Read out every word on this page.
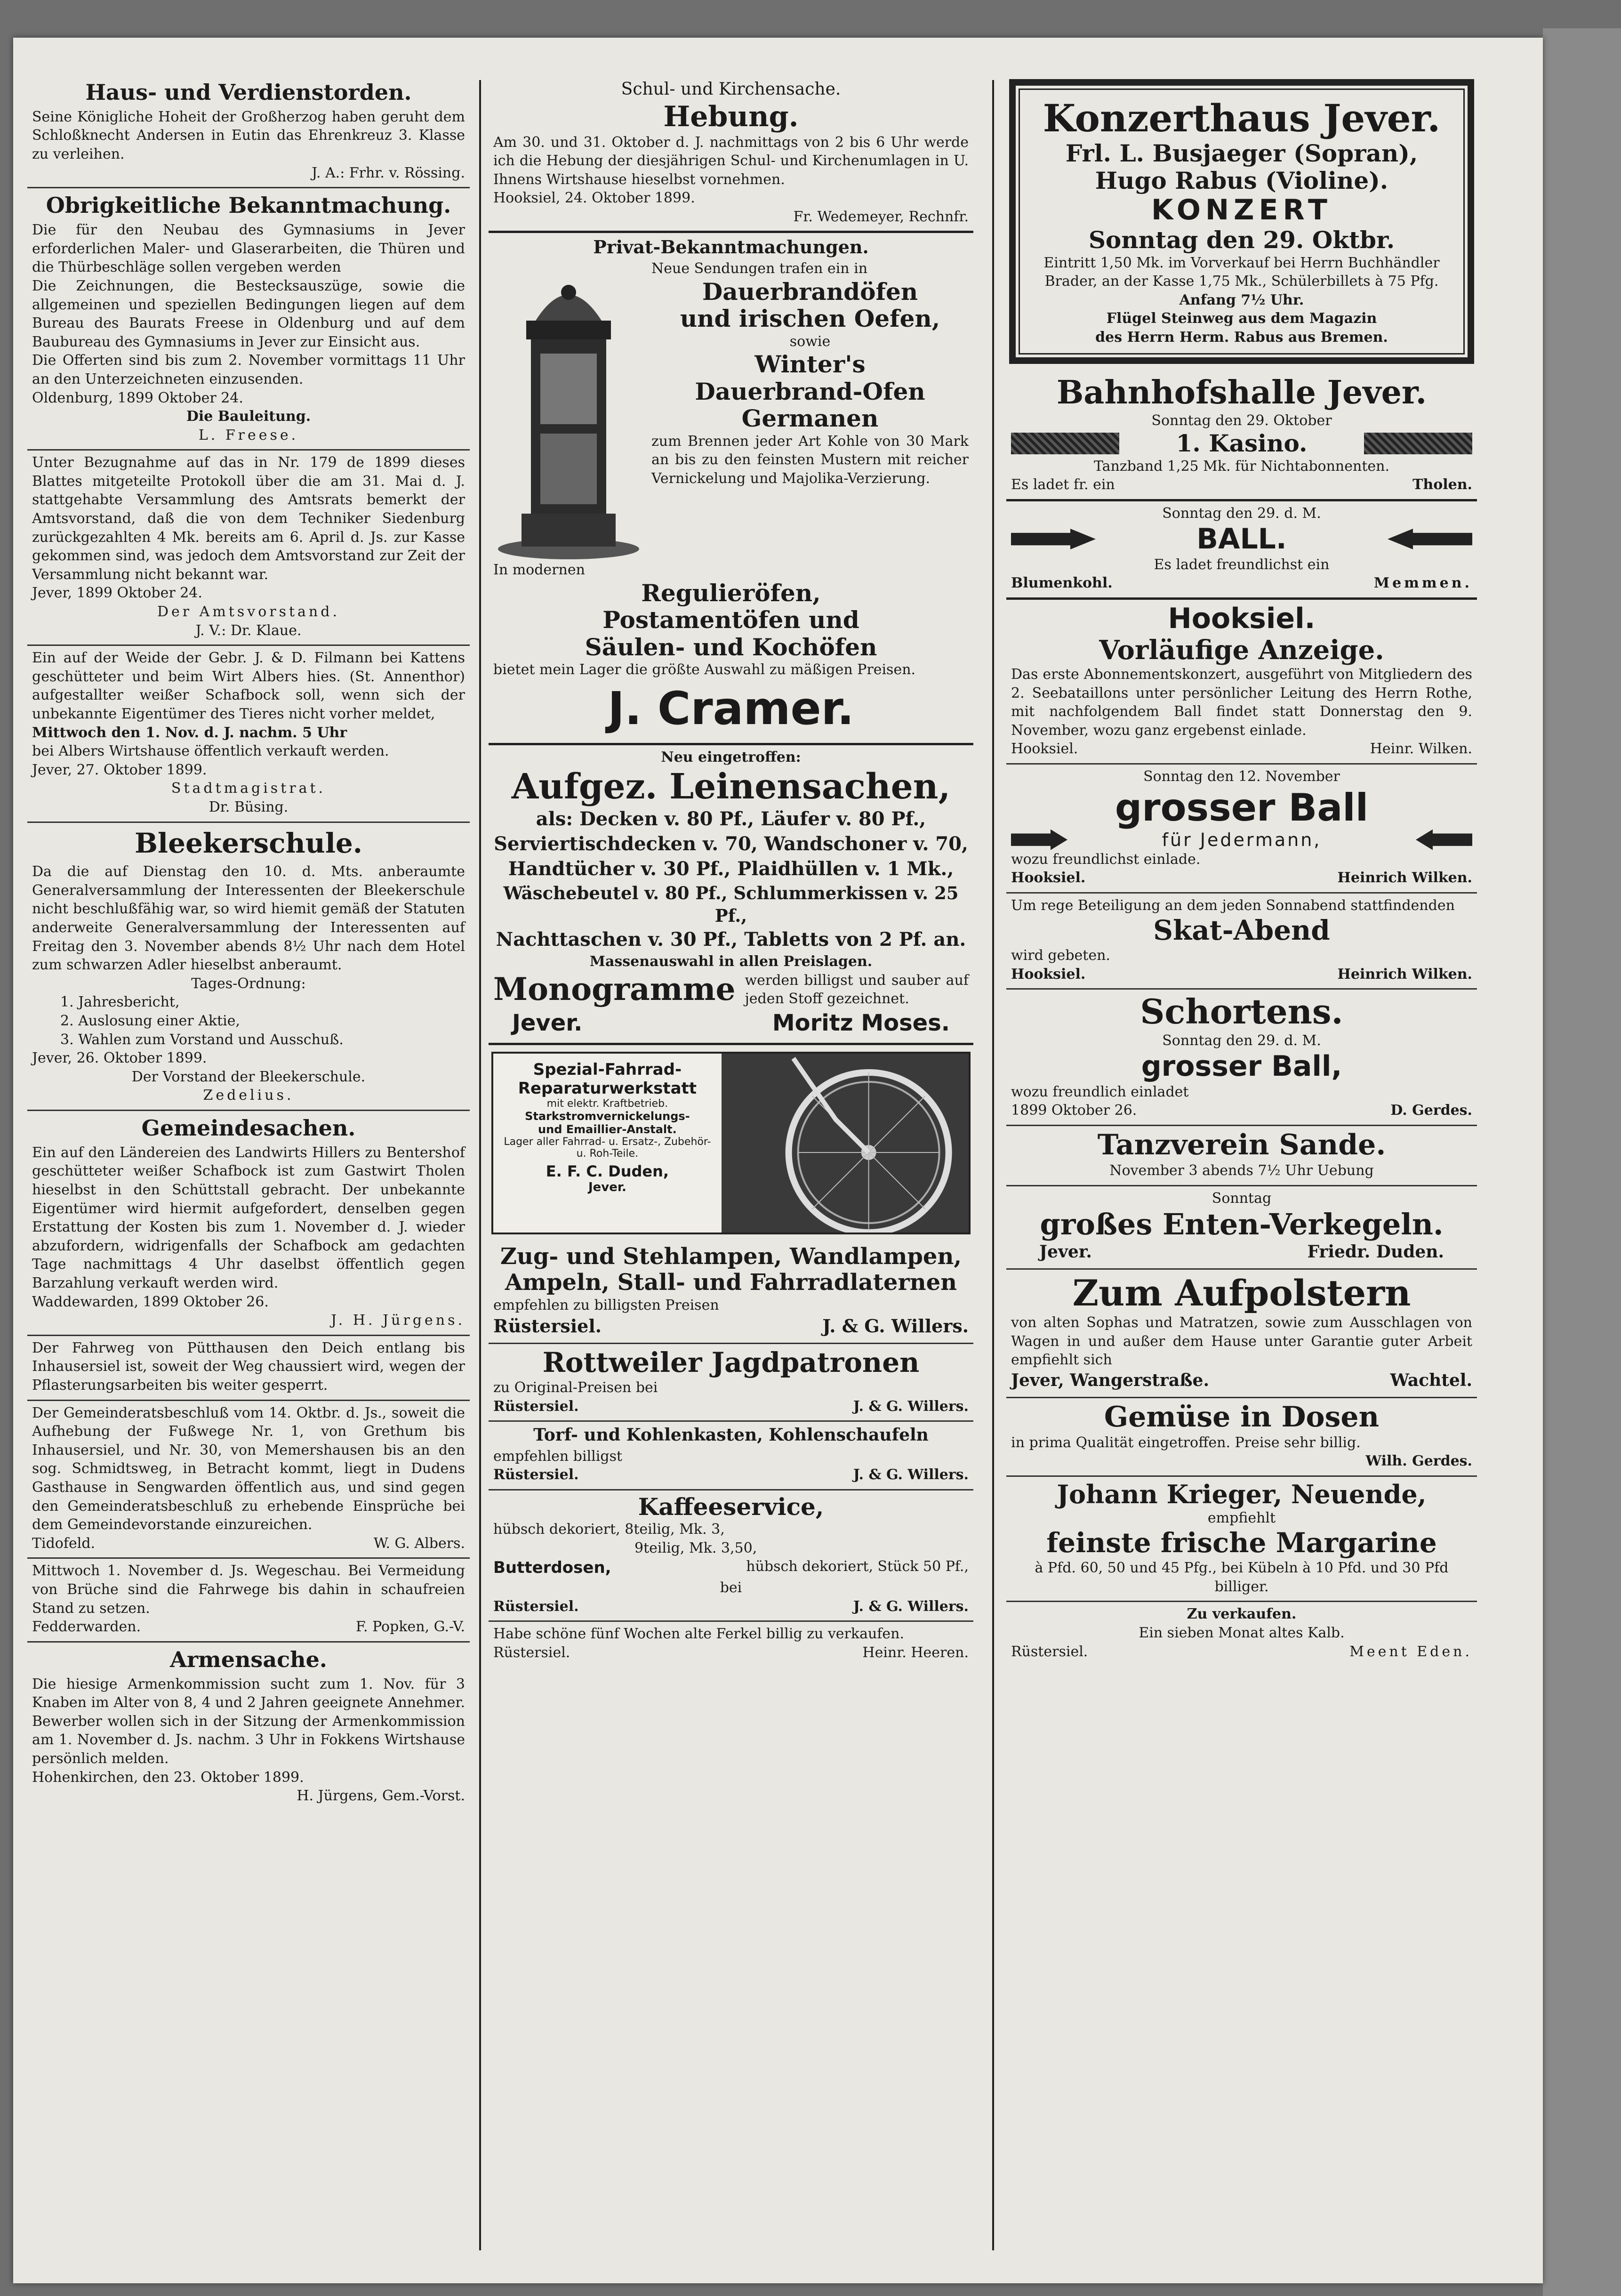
Haus- und Verdienstorden.

Seine Königliche Hoheit der Großherzog haben geruht dem Schloßknecht Andersen in Eutin das Ehrenkreuz 3. Klasse zu verleihen.

J. A.: Frhr. v. Rössing.

Obrigkeitliche Bekanntmachung.

Die für den Neubau des Gymnasiums in Jever erforderlichen Maler- und Glaserarbeiten, die Thüren und die Thürbeschläge sollen vergeben werden

Die Zeichnungen, die Bestecksauszüge, sowie die allgemeinen und speziellen Bedingungen liegen auf dem Bureau des Baurats Freese in Oldenburg und auf dem Baubureau des Gymnasiums in Jever zur Einsicht aus.

Die Offerten sind bis zum 2. November vormittags 11 Uhr an den Unterzeichneten einzusenden.

Oldenburg, 1899 Oktober 24.

Die Bauleitung.

L. Freese.

Unter Bezugnahme auf das in Nr. 179 de 1899 dieses Blattes mitgeteilte Protokoll über die am 31. Mai d. J. stattgehabte Versammlung des Amtsrats bemerkt der Amtsvorstand, daß die von dem Techniker Siedenburg zurückgezahlten 4 Mk. bereits am 6. April d. Js. zur Kasse gekommen sind, was jedoch dem Amtsvorstand zur Zeit der Versammlung nicht bekannt war.

Jever, 1899 Oktober 24.

Der Amtsvorstand.

J. V.: Dr. Klaue.

Ein auf der Weide der Gebr. J. & D. Filmann bei Kattens geschütteter und beim Wirt Albers hies. (St. Annenthor) aufgestallter weißer Schafbock soll, wenn sich der unbekannte Eigentümer des Tieres nicht vorher meldet,

Mittwoch den 1. Nov. d. J. nachm. 5 Uhr

bei Albers Wirtshause öffentlich verkauft werden.

Jever, 27. Oktober 1899.

Stadtmagistrat.

Dr. Büsing.

Bleekerschule.

Da die auf Dienstag den 10. d. Mts. anberaumte Generalversammlung der Interessenten der Bleekerschule nicht beschlußfähig war, so wird hiemit gemäß der Statuten anderweite Generalversammlung der Interessenten auf Freitag den 3. November abends 8½ Uhr nach dem Hotel zum schwarzen Adler hieselbst anberaumt.

Tages-Ordnung:

1. Jahresbericht,

2. Auslosung einer Aktie,

3. Wahlen zum Vorstand und Ausschuß.

Jever, 26. Oktober 1899.

Der Vorstand der Bleekerschule.

Zedelius.

Gemeindesachen.

Ein auf den Ländereien des Landwirts Hillers zu Bentershof geschütteter weißer Schafbock ist zum Gastwirt Tholen hieselbst in den Schüttstall gebracht. Der unbekannte Eigentümer wird hiermit aufgefordert, denselben gegen Erstattung der Kosten bis zum 1. November d. J. wieder abzufordern, widrigenfalls der Schafbock am gedachten Tage nachmittags 4 Uhr daselbst öffentlich gegen Barzahlung verkauft werden wird.

Waddewarden, 1899 Oktober 26.

J. H. Jürgens.

Der Fahrweg von Pütthausen den Deich entlang bis Inhausersiel ist, soweit der Weg chaussiert wird, wegen der Pflasterungsarbeiten bis weiter gesperrt.

Der Gemeinderatsbeschluß vom 14. Oktbr. d. Js., soweit die Aufhebung der Fußwege Nr. 1, von Grethum bis Inhausersiel, und Nr. 30, von Memershausen bis an den sog. Schmidtsweg, in Betracht kommt, liegt in Dudens Gasthause in Sengwarden öffentlich aus, und sind gegen den Gemeinderatsbeschluß zu erhebende Einsprüche bei dem Gemeindevorstande einzureichen.

Tidofeld.	W. G. Albers.

Mittwoch 1. November d. Js. Wegeschau. Bei Vermeidung von Brüche sind die Fahrwege bis dahin in schaufreien Stand zu setzen.

Fedderwarden.	F. Popken, G.-V.
Armensache.

Die hiesige Armenkommission sucht zum 1. Nov. für 3 Knaben im Alter von 8, 4 und 2 Jahren geeignete Annehmer. Bewerber wollen sich in der Sitzung der Armenkommission am 1. November d. Js. nachm. 3 Uhr in Fokkens Wirtshause persönlich melden.

Hohenkirchen, den 23. Oktober 1899.

H. Jürgens, Gem.-Vorst.

Schul- und Kirchensache.

Hebung.

Am 30. und 31. Oktober d. J. nachmittags von 2 bis 6 Uhr werde ich die Hebung der diesjährigen Schul- und Kirchenumlagen in U. Ihnens Wirtshause hieselbst vornehmen.

Hooksiel, 24. Oktober 1899.

Fr. Wedemeyer, Rechnfr.

Privat-Bekanntmachungen.

Neue Sendungen trafen ein in

Dauerbrandöfen
und irischen Oefen,

sowie

Winter's
Dauerbrand-Ofen
Germanen

zum Brennen jeder Art Kohle von 30 Mark an bis zu den feinsten Mustern mit reicher Vernickelung und Majolika-Verzierung.

In modernen

Regulieröfen,
Postamentöfen und
Säulen- und Kochöfen

bietet mein Lager die größte Auswahl zu mäßigen Preisen.

J. Cramer.

Neu eingetroffen:

Aufgez. Leinensachen,
als: Decken v. 80 Pf., Läufer v. 80 Pf.,
Serviertischdecken v. 70, Wandschoner v. 70,
Handtücher v. 30 Pf., Plaidhüllen v. 1 Mk.,
Wäschebeutel v. 80 Pf., Schlummerkissen v. 25 Pf.,
Nachttaschen v. 30 Pf., Tabletts von 2 Pf. an.

Massenauswahl in allen Preislagen.

Monogramme werden billigst und sauber auf jeden Stoff gezeichnet.
Jever.	Moritz Moses.
Spezial-Fahrrad-
Reparaturwerkstatt
mit elektr. Kraftbetrieb.
Starkstromvernickelungs-
und Emaillier-Anstalt.
Lager aller Fahrrad- u. Ersatz-, Zubehör- u. Roh-Teile.
E. F. C. Duden,
Jever.
Zug- und Stehlampen, Wandlampen,
Ampeln, Stall- und Fahrradlaternen

empfehlen zu billigsten Preisen

Rüstersiel.	J. & G. Willers.
Rottweiler Jagdpatronen

zu Original-Preisen bei

Rüstersiel.	J. & G. Willers.
Torf- und Kohlenkasten, Kohlenschaufeln

empfehlen billigst

Rüstersiel.	J. & G. Willers.
Kaffeeservice,

hübsch dekoriert, 8teilig, Mk. 3,

9teilig, Mk. 3,50,

Butterdosen,	hübsch dekoriert, Stück 50 Pf.,

bei

Rüstersiel.	J. & G. Willers.

Habe schöne fünf Wochen alte Ferkel billig zu verkaufen.

Rüstersiel.	Heinr. Heeren.
Konzerthaus Jever.
Frl. L. Busjaeger (Sopran),
Hugo Rabus (Violine).
KONZERT
Sonntag den 29. Oktbr.

Eintritt 1,50 Mk. im Vorverkauf bei Herrn Buchhändler Brader, an der Kasse 1,75 Mk., Schülerbillets à 75 Pfg.

Anfang 7½ Uhr.

Flügel Steinweg aus dem Magazin

des Herrn Herm. Rabus aus Bremen.

Bahnhofshalle Jever.

Sonntag den 29. Oktober

1. Kasino.

Tanzband 1,25 Mk. für Nichtabonnenten.

Es ladet fr. ein	Tholen.

Sonntag den 29. d. M.

BALL.

Es ladet freundlichst ein

Blumenkohl.	Memmen.
Hooksiel.
Vorläufige Anzeige.

Das erste Abonnementskonzert, ausgeführt von Mitgliedern des 2. Seebataillons unter persönlicher Leitung des Herrn Rothe, mit nachfolgendem Ball findet statt Donnerstag den 9. November, wozu ganz ergebenst einlade.

Hooksiel.	Heinr. Wilken.

Sonntag den 12. November

grosser Ball
für Jedermann,

wozu freundlichst einlade.

Hooksiel.	Heinrich Wilken.

Um rege Beteiligung an dem jeden Sonnabend stattfindenden

Skat-Abend

wird gebeten.

Hooksiel.	Heinrich Wilken.
Schortens.

Sonntag den 29. d. M.

grosser Ball,

wozu freundlich einladet

1899 Oktober 26.	D. Gerdes.
Tanzverein Sande.

November 3 abends 7½ Uhr Uebung

Sonntag

großes Enten-Verkegeln.
Jever.	Friedr. Duden.
Zum Aufpolstern

von alten Sophas und Matratzen, sowie zum Ausschlagen von Wagen in und außer dem Hause unter Garantie guter Arbeit empfiehlt sich

Jever, Wangerstraße.	Wachtel.
Gemüse in Dosen

in prima Qualität eingetroffen. Preise sehr billig.

Wilh. Gerdes.

Johann Krieger, Neuende,

empfiehlt

feinste frische Margarine

à Pfd. 60, 50 und 45 Pfg., bei Kübeln à 10 Pfd. und 30 Pfd billiger.

Zu verkaufen.

Ein sieben Monat altes Kalb.

Rüstersiel.	Meent Eden.
